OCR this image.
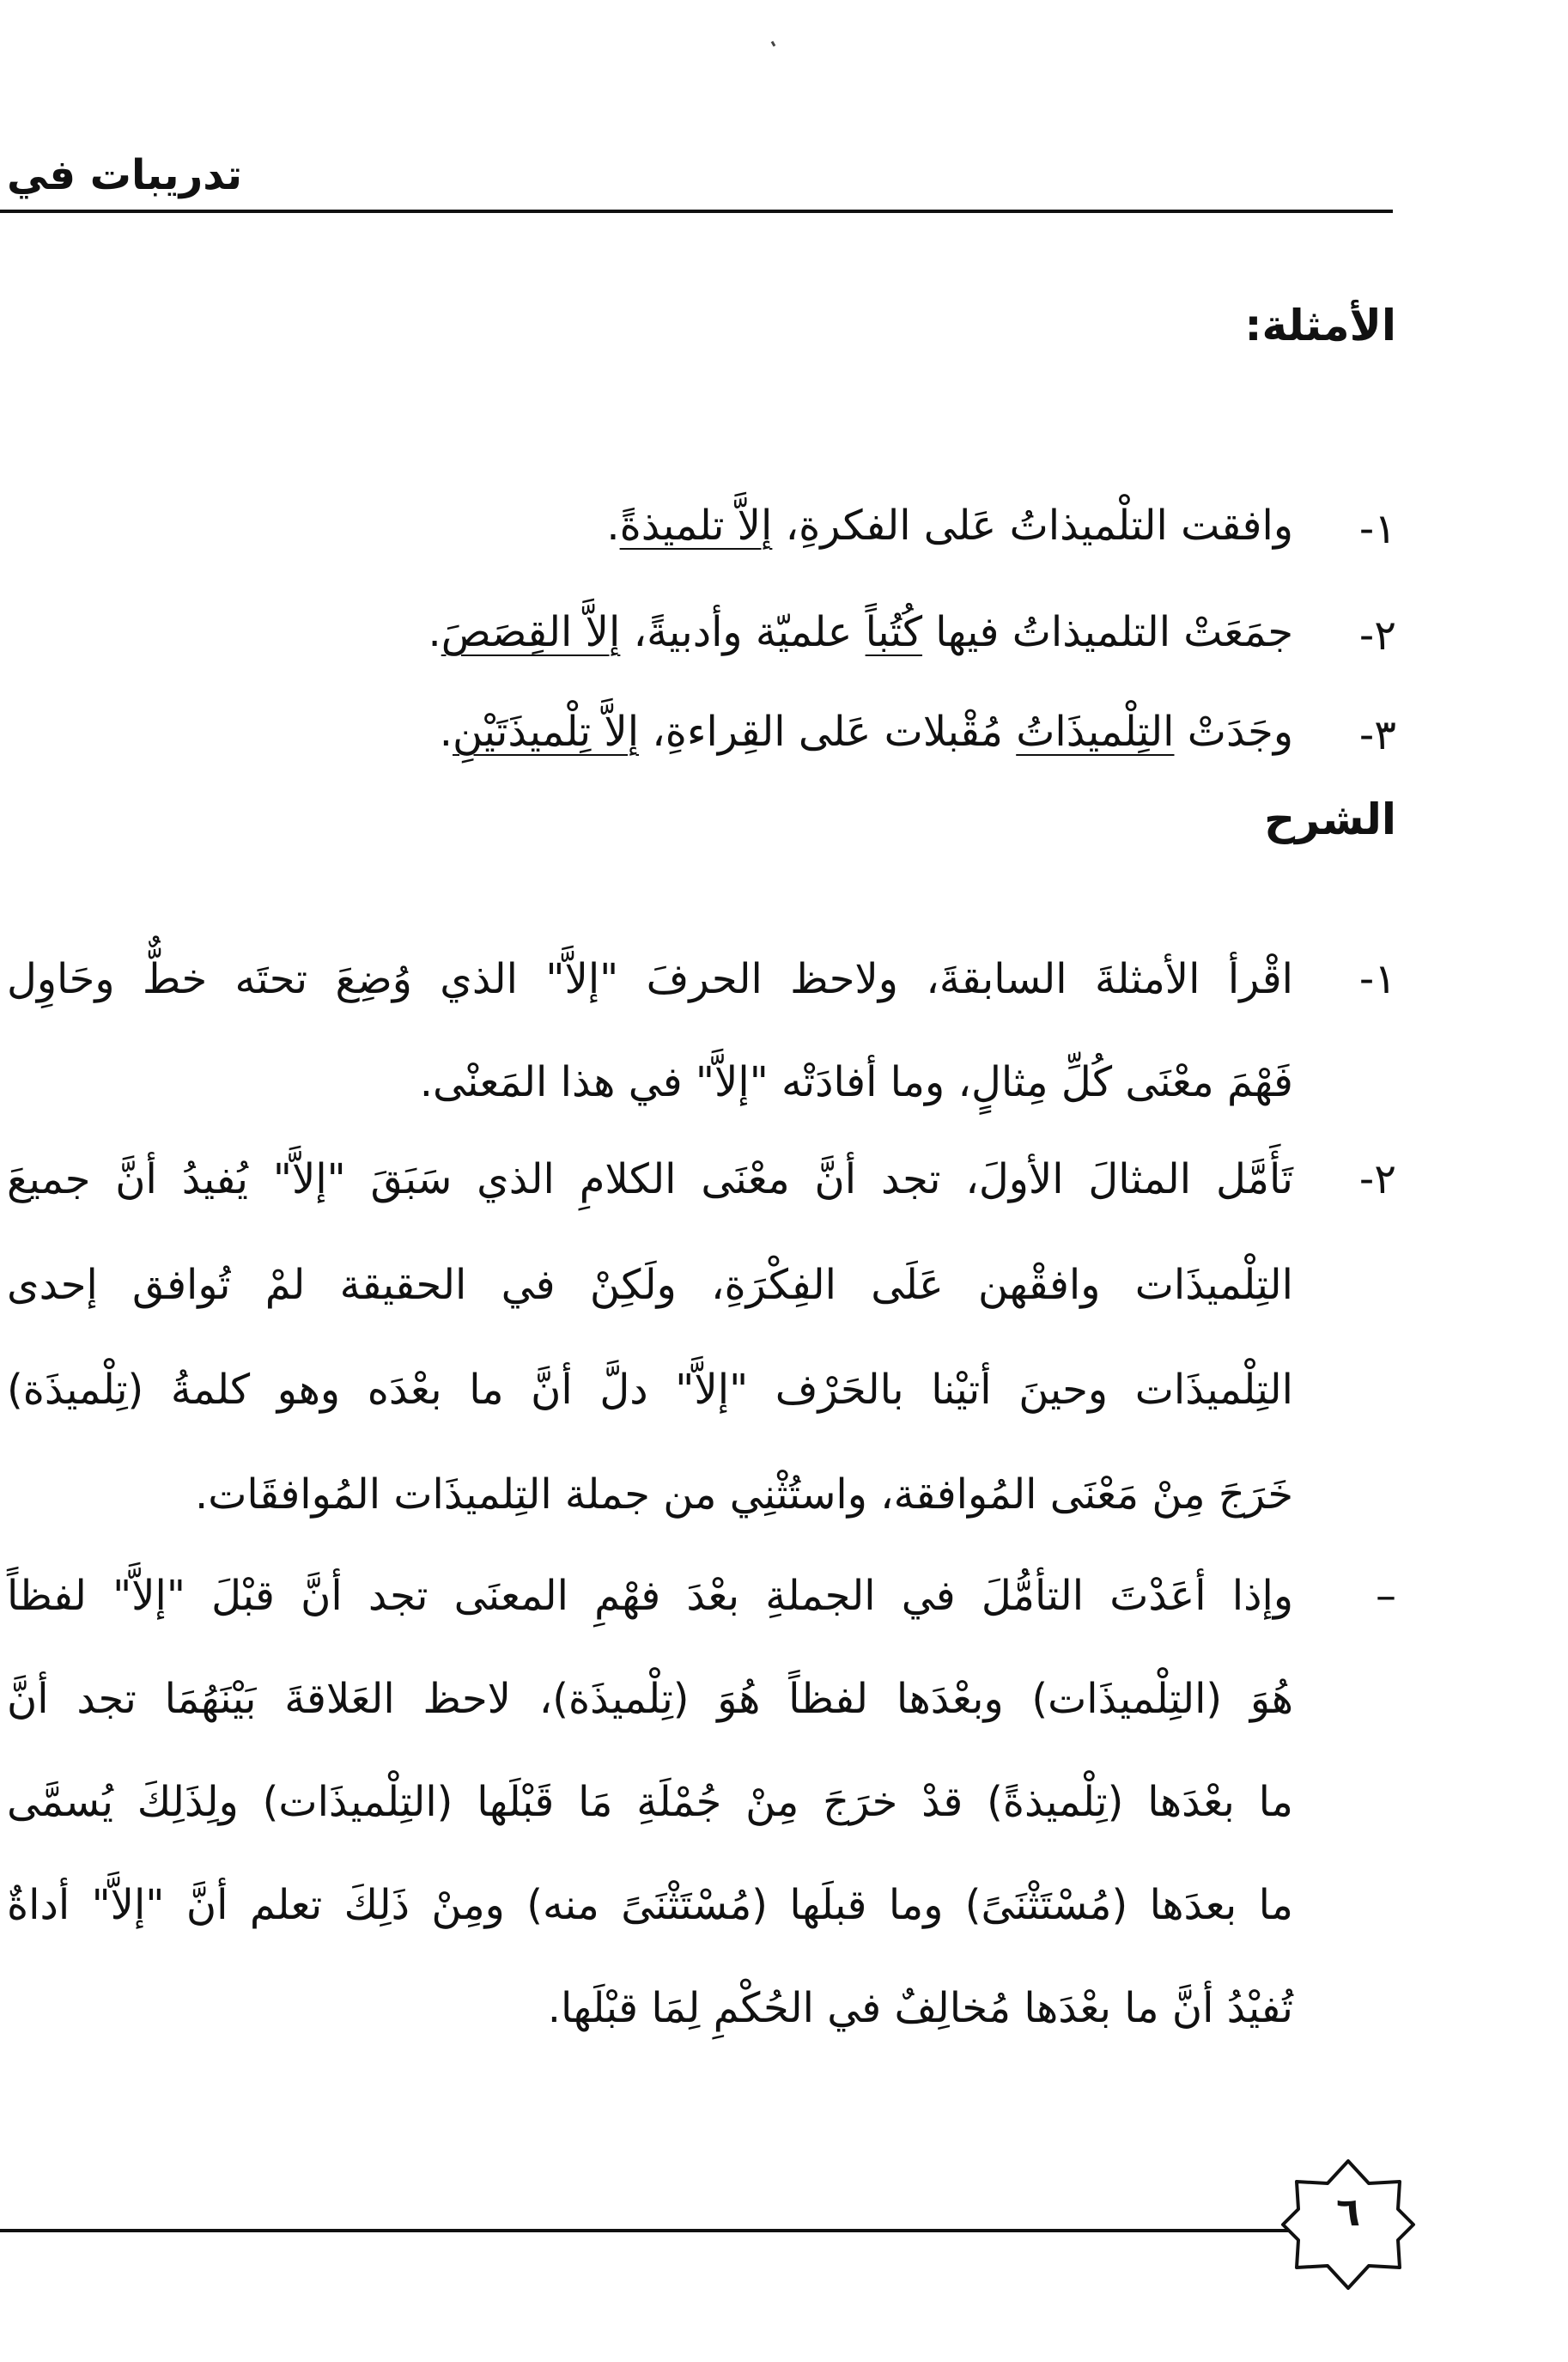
تدريبات في
الأمثلة:
١-
وافقت التلْميذاتُ عَلى الفكرةِ، إلاَّ تلميذةً.
٢-
جمَعَتْ التلميذاتُ فيها كُتُباً علميّة وأدبيةً، إلاَّ القِصَصَ.
٣-
وجَدَتْ التِلْميذَاتُ مُقْبلات عَلى القِراءةِ، إلاَّ تِلْميذَتَيْنِ.
الشرح
١-
اقْرأ الأمثلةَ السابقةَ، ولاحظ الحرفَ "إلاَّ" الذي وُضِعَ تحتَه خطٌّ وحَاوِل
فَهْمَ معْنَى كُلِّ مِثالٍ، وما أفادَتْه "إلاَّ" في هذا المَعنْى.
٢-
تَأَمَّل المثالَ الأولَ، تجد أنَّ معْنَى الكلامِ الذي سَبَقَ "إلاَّ" يُفيدُ أنَّ جميعَ
التِلْميذَات وافقْهن عَلَى الفِكْرَةِ، ولَكِنْ في الحقيقة لمْ تُوافق إحدى
التِلْميذَات وحينَ أتيْنا بالحَرْف "إلاَّ" دلَّ أنَّ ما بعْدَه وهو كلمةُ (تِلْميذَة)
خَرَجَ مِنْ مَعْنَى المُوافقة، واستُثْنِي من جملة التِلميذَات المُوافقَات.
–
وإذا أعَدْتَ التأمُّلَ في الجملةِ بعْدَ فهْمِ المعنَى تجد أنَّ قبْلَ "إلاَّ" لفظاً
هُوَ (التِلْميذَات) وبعْدَها لفظاً هُوَ (تِلْميذَة)، لاحظ العَلاقةَ بَيْنَهُمَا تجد أنَّ
ما بعْدَها (تِلْميذةً) قدْ خرَجَ مِنْ جُمْلَةِ مَا قَبْلَها (التِلْميذَات) ولِذَلِكَ يُسمَّى
ما بعدَها (مُسْتَثْنَىً) وما قبلَها (مُسْتَثْنَىً منه) ومِنْ ذَلِكَ تعلم أنَّ "إلاَّ" أداةٌ
تُفيْدُ أنَّ ما بعْدَها مُخالِفٌ في الحُكْمِ لِمَا قبْلَها.
٦
